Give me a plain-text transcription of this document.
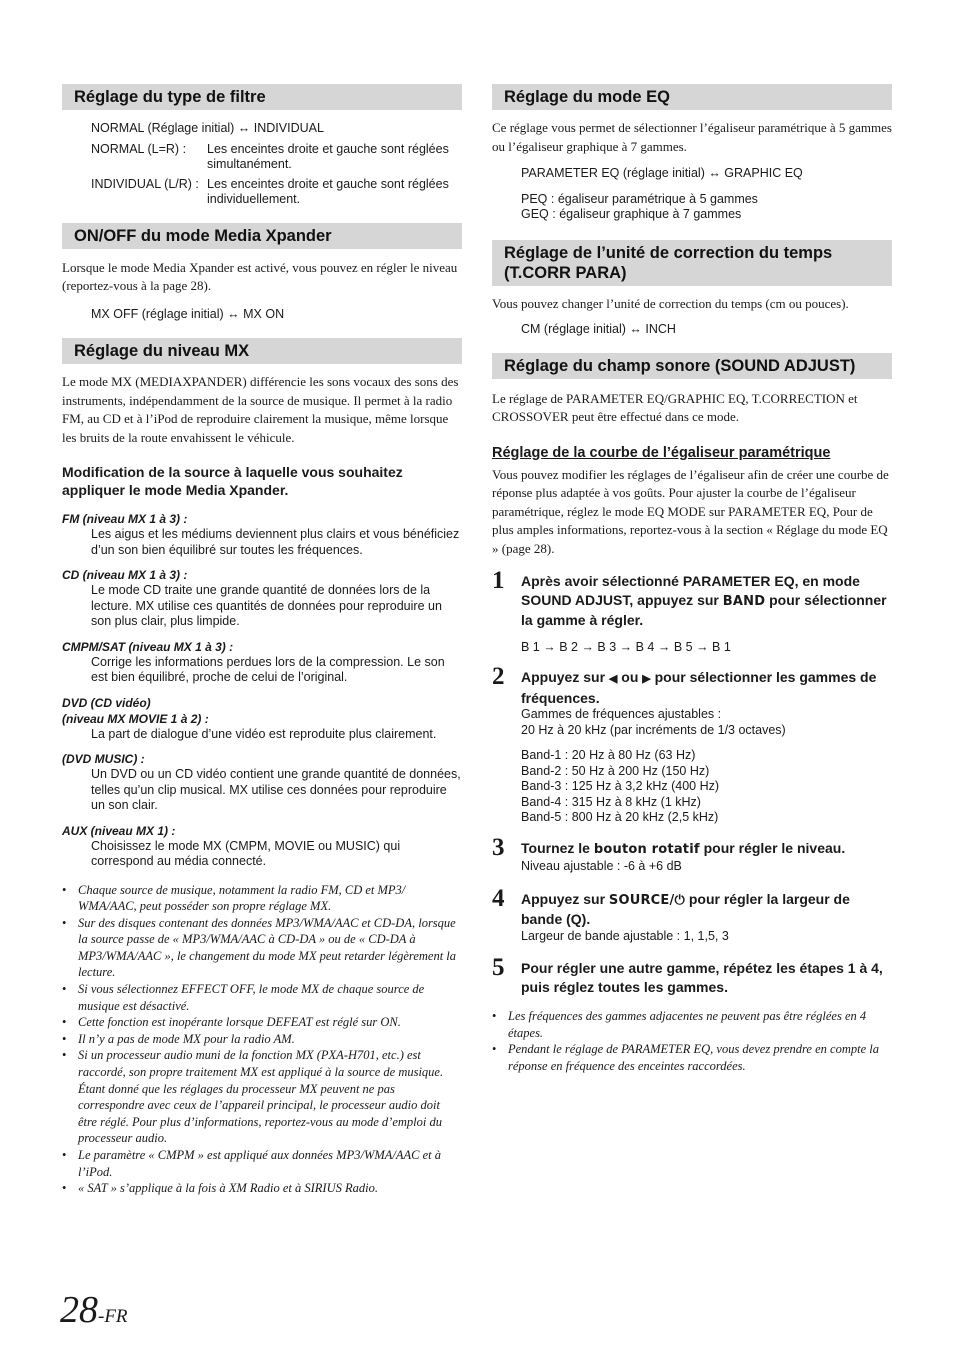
Réglage du type de filtre
NORMAL (Réglage initial) ↔ INDIVIDUAL
NORMAL (L=R) :	Les enceintes droite et gauche sont réglées simultanément.
INDIVIDUAL (L/R) : Les enceintes droite et gauche sont réglées individuellement.
ON/OFF du mode Media Xpander
Lorsque le mode Media Xpander est activé, vous pouvez en régler le niveau (reportez-vous à la page 28).
MX OFF (réglage initial) ↔ MX ON
Réglage du niveau MX
Le mode MX (MEDIAXPANDER) différencie les sons vocaux des sons des instruments, indépendamment de la source de musique. Il permet à la radio FM, au CD et à l’iPod de reproduire clairement la musique, même lorsque les bruits de la route envahissent le véhicule.
Modification de la source à laquelle vous souhaitez appliquer le mode Media Xpander.
FM (niveau MX 1 à 3) :
Les aigus et les médiums deviennent plus clairs et vous bénéficiez d’un son bien équilibré sur toutes les fréquences.
CD (niveau MX 1 à 3) :
Le mode CD traite une grande quantité de données lors de la lecture. MX utilise ces quantités de données pour reproduire un son plus clair, plus limpide.
CMPM/SAT (niveau MX 1 à 3) :
Corrige les informations perdues lors de la compression. Le son est bien équilibré, proche de celui de l’original.
DVD (CD vidéo)
(niveau MX MOVIE 1 à 2) :
La part de dialogue d’une vidéo est reproduite plus clairement.
(DVD MUSIC) :
Un DVD ou un CD vidéo contient une grande quantité de données, telles qu’un clip musical. MX utilise ces données pour reproduire un son clair.
AUX (niveau MX 1) :
Choisissez le mode MX (CMPM, MOVIE ou MUSIC) qui correspond au média connecté.
• Chaque source de musique, notamment la radio FM, CD et MP3/ WMA/AAC, peut posséder son propre réglage MX.
• Sur des disques contenant des données MP3/WMA/AAC et CD-DA, lorsque la source passe de « MP3/WMA/AAC à CD-DA » ou de « CD-DA à MP3/WMA/AAC », le changement du mode MX peut retarder légèrement la lecture.
• Si vous sélectionnez EFFECT OFF, le mode MX de chaque source de musique est désactivé.
• Cette fonction est inopérante lorsque DEFEAT est réglé sur ON.
• Il n’y a pas de mode MX pour la radio AM.
• Si un processeur audio muni de la fonction MX (PXA-H701, etc.) est raccordé, son propre traitement MX est appliqué à la source de musique. Étant donné que les réglages du processeur MX peuvent ne pas correspondre avec ceux de l’appareil principal, le processeur audio doit être réglé. Pour plus d’informations, reportez-vous au mode d’emploi du processeur audio.
• Le paramètre « CMPM » est appliqué aux données MP3/WMA/AAC et à l’iPod.
• « SAT » s’applique à la fois à XM Radio et à SIRIUS Radio.
Réglage du mode EQ
Ce réglage vous permet de sélectionner l’égaliseur paramétrique à 5 gammes ou l’égaliseur graphique à 7 gammes.
PARAMETER EQ (réglage initial) ↔ GRAPHIC EQ
PEQ : égaliseur paramétrique à 5 gammes
GEQ : égaliseur graphique à 7 gammes
Réglage de l’unité de correction du temps (T.CORR PARA)
Vous pouvez changer l’unité de correction du temps (cm ou pouces).
CM (réglage initial) ↔ INCH
Réglage du champ sonore (SOUND ADJUST)
Le réglage de PARAMETER EQ/GRAPHIC EQ, T.CORRECTION et CROSSOVER peut être effectué dans ce mode.
Réglage de la courbe de l’égaliseur paramétrique
Vous pouvez modifier les réglages de l’égaliseur afin de créer une courbe de réponse plus adaptée à vos goûts. Pour ajuster la courbe de l’égaliseur paramétrique, réglez le mode EQ MODE sur PARAMETER EQ, Pour de plus amples informations, reportez-vous à la section « Réglage du mode EQ » (page 28).
1 Après avoir sélectionné PARAMETER EQ, en mode SOUND ADJUST, appuyez sur BAND pour sélectionner la gamme à régler.
B 1 → B 2 → B 3 → B 4 → B 5 → B 1
2 Appuyez sur ◀ ou ▶ pour sélectionner les gammes de fréquences.
Gammes de fréquences ajustables :
20 Hz à 20 kHz (par incréments de 1/3 octaves)
Band-1 : 20 Hz à 80 Hz (63 Hz)
Band-2 : 50 Hz à 200 Hz (150 Hz)
Band-3 : 125 Hz à 3,2 kHz (400 Hz)
Band-4 : 315 Hz à 8 kHz (1 kHz)
Band-5 : 800 Hz à 20 kHz (2,5 kHz)
3 Tournez le bouton rotatif pour régler le niveau.
Niveau ajustable : -6 à +6 dB
4 Appuyez sur SOURCE/⏻ pour régler la largeur de bande (Q).
Largeur de bande ajustable : 1, 1,5, 3
5 Pour régler une autre gamme, répétez les étapes 1 à 4, puis réglez toutes les gammes.
• Les fréquences des gammes adjacentes ne peuvent pas être réglées en 4 étapes.
• Pendant le réglage de PARAMETER EQ, vous devez prendre en compte la réponse en fréquence des enceintes raccordées.
28-FR
